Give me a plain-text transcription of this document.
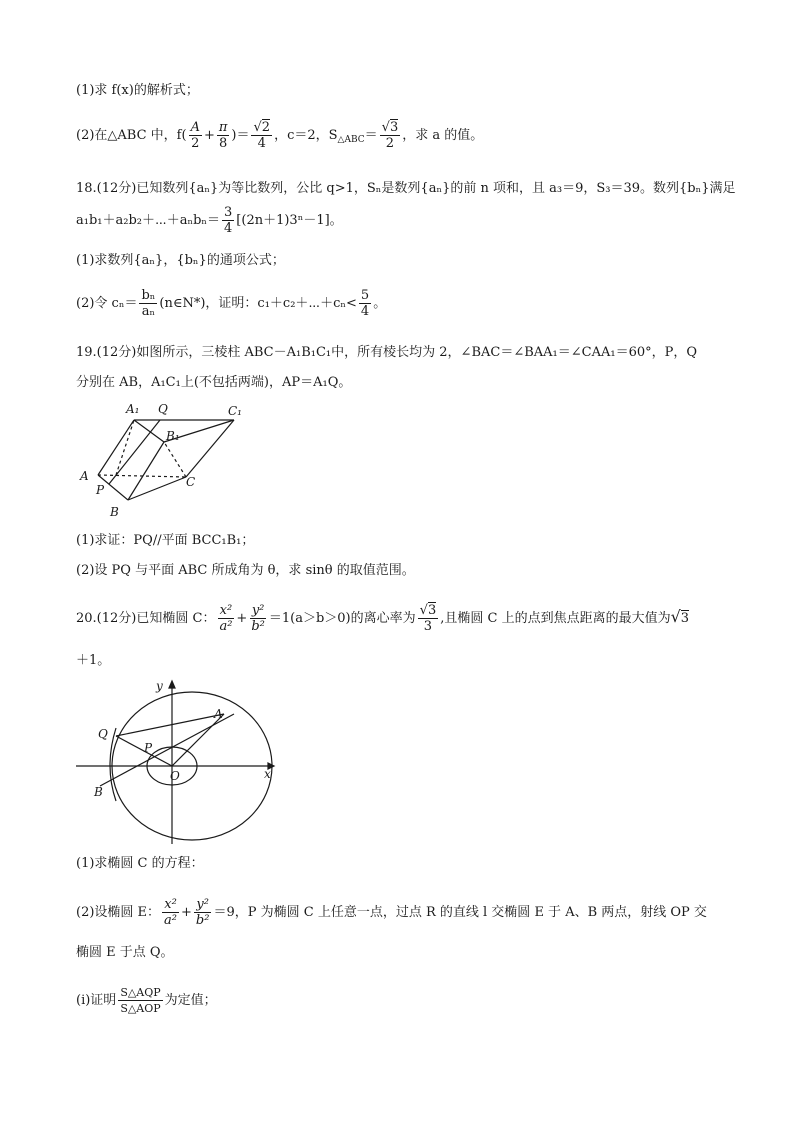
(1)求 f(x)的解析式；
(2)在△ABC 中，$f( \frac{A}{2} + \frac{\pi}{8}$ )＝ $\frac{√2}{4}$ ，c＝2，$S_{\triangle ABC}= \frac{√3}{2}$ ，求 a 的值。
18.(12分)已知数列{aₙ}为等比数列，公比 q>1，Sₙ是数列{aₙ}的前 n 项和，且 a₃＝9，S₃＝39。数列{bₙ}满足
a₁b₁＋a₂b₂＋⋯＋aₙbₙ＝ $\frac{3}{4} [(2n+1)3^n-1]$。
(1)求数列{aₙ}，{bₙ}的通项公式；
(2)令 $c_n= \frac{\text{bₙ}}{\text{aₙ}}$ (n∈N*)，证明：c₁＋c₂＋⋯＋cₙ< $\frac{5}{4}$ 。
19.(12分)如图所示，三棱柱 ABC－A₁B₁C₁中，所有棱长均为 2，∠BAC＝∠BAA₁＝∠CAA₁＝60°，P，Q
分别在 AB，A₁C₁上(不包括两端)，AP＝A₁Q。
A₁ Q	C₁
B₁
A
P
C
B
(1)求证：PQ//平面 BCC₁B₁；
(2)设 PQ 与平面 ABC 所成角为 θ，求 sinθ 的取值范围。
20.(12分)已知椭圆 C： $\frac{\text{x²}}{\text{a²}} + \frac{\text{y²}}{\text{b²}} =1(a>b>0)$的离心率为 $\frac{√3}{3}$ ,且椭圆 C 上的点到焦点距离的最大值为√3
＋1。
y
x
A
Q
P
O
B
(1)求椭圆 C 的方程：
(2)设椭圆 E： $\frac{\text{x²}}{\text{a²}} + \frac{\text{y²}}{\text{b²}} =9$，P 为椭圆 C 上任意一点，过点 R 的直线 l 交椭圆 E 于 A、B 两点，射线 OP 交
椭圆 E 于点 Q。
(i)证明 $\frac{\text{S△AQP}}{\text{S△AOP}}$ 为定值；
